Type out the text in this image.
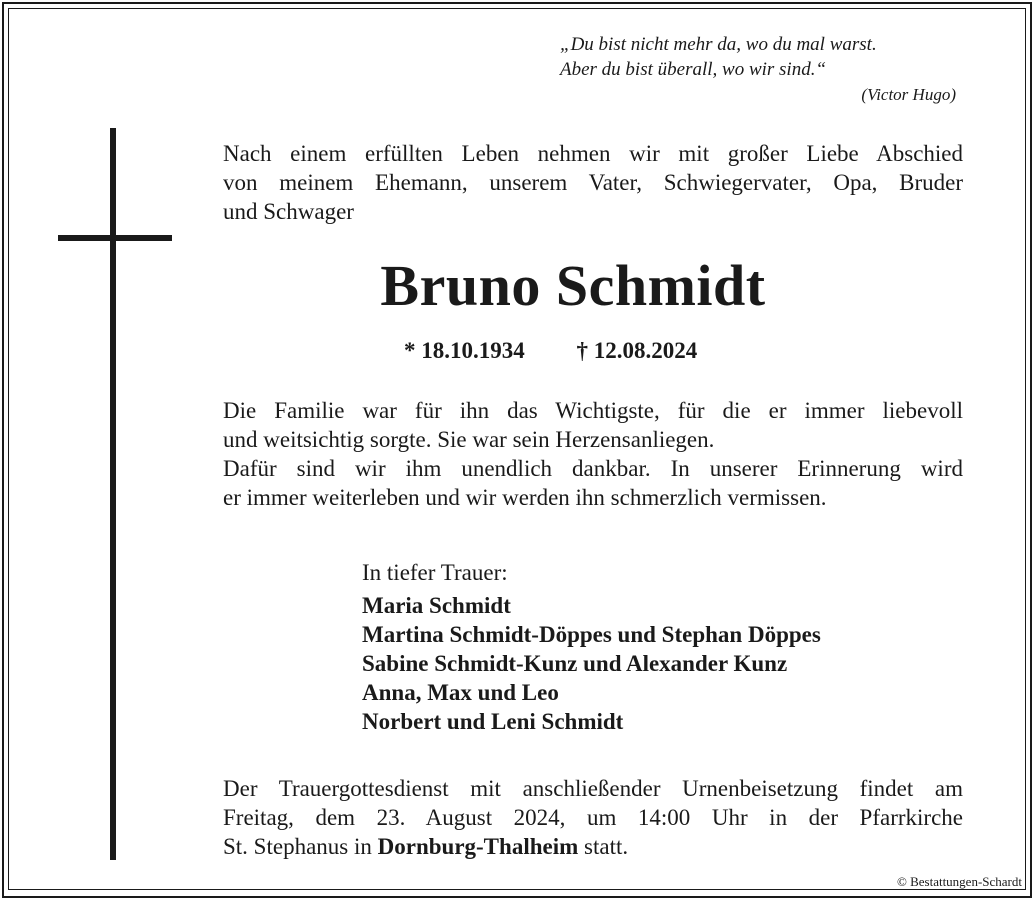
„Du bist nicht mehr da, wo du mal warst.
Aber du bist überall, wo wir sind.“
(Victor Hugo)
Nach einem erfüllten Leben nehmen wir mit großer Liebe Abschied
von meinem Ehemann, unserem Vater, Schwiegervater, Opa, Bruder
und Schwager
Bruno Schmidt
* 18.10.1934 † 12.08.2024
Die Familie war für ihn das Wichtigste, für die er immer liebevoll
und weitsichtig sorgte. Sie war sein Herzensanliegen.
Dafür sind wir ihm unendlich dankbar. In unserer Erinnerung wird
er immer weiterleben und wir werden ihn schmerzlich vermissen.
In tiefer Trauer:
Maria Schmidt
Martina Schmidt-Döppes und Stephan Döppes
Sabine Schmidt-Kunz und Alexander Kunz
Anna, Max und Leo
Norbert und Leni Schmidt
Der Trauergottesdienst mit anschließender Urnenbeisetzung findet am
Freitag, dem 23. August 2024, um 14:00 Uhr in der Pfarrkirche
St. Stephanus in Dornburg-Thalheim statt.
© Bestattungen-Schardt
